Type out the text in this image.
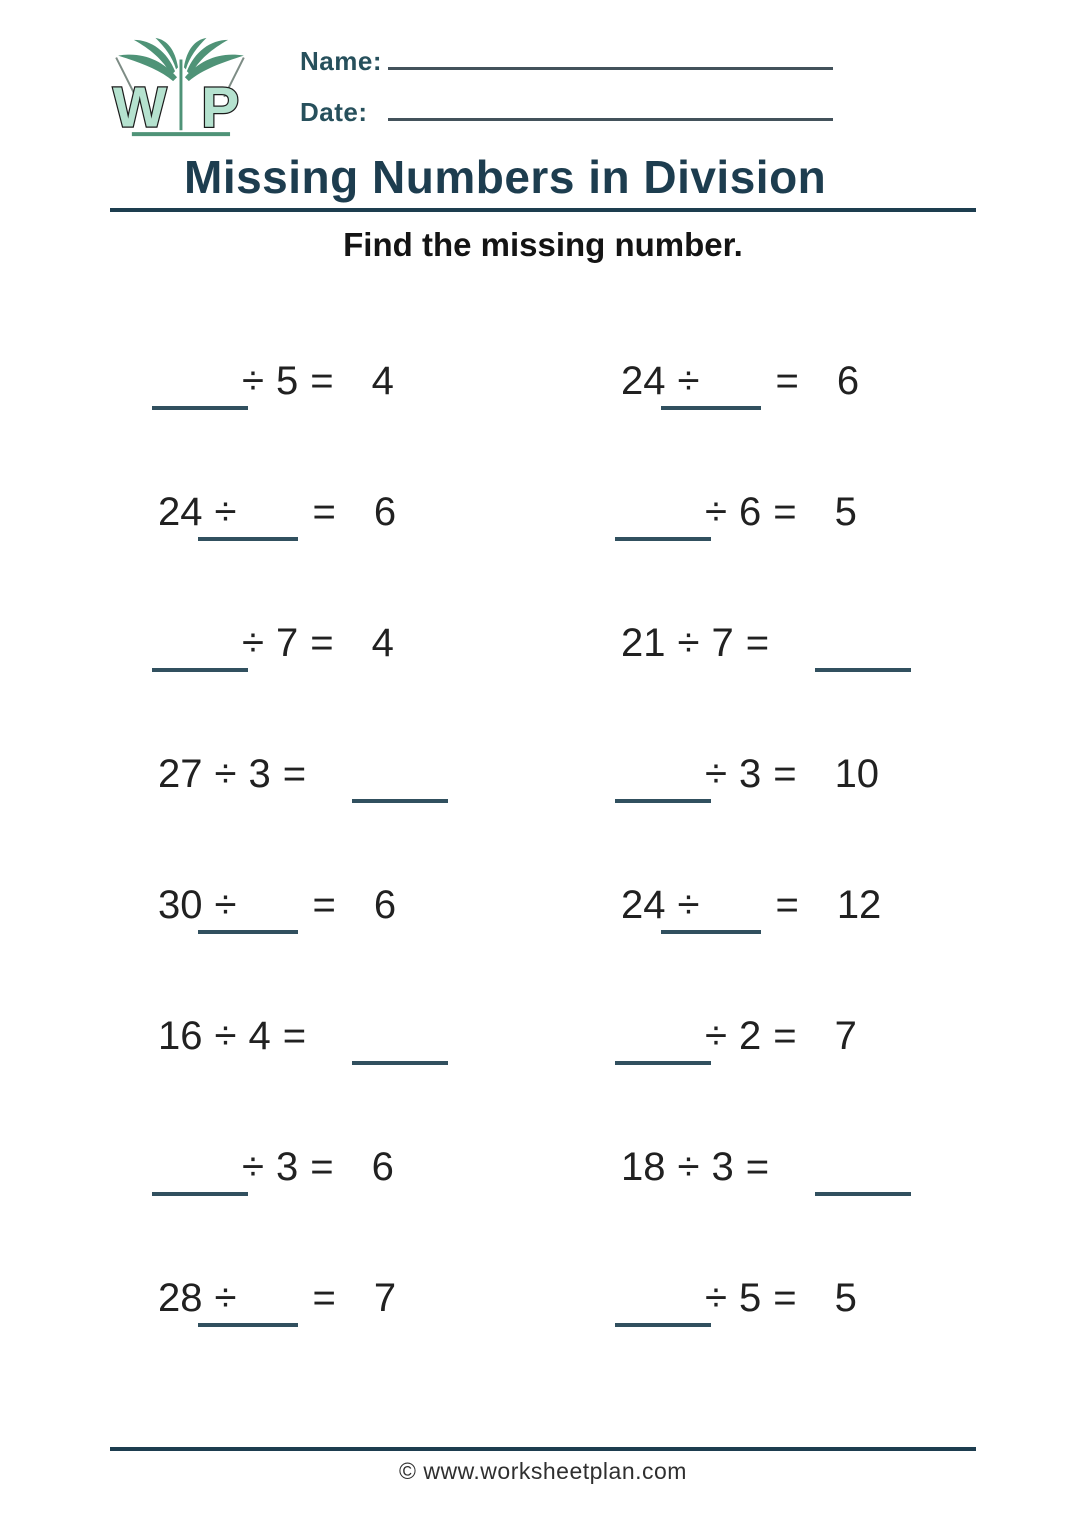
W P
Name:
Date:
Missing Numbers in Division
Find the missing number.
÷ 5 = 4	24 ÷ = 6
24 ÷ = 6	÷ 6 = 5
÷ 7 = 4	21 ÷ 7 =
27 ÷ 3 =	÷ 3 = 10
30 ÷ = 6	24 ÷ = 12
16 ÷ 4 =	÷ 2 = 7
÷ 3 = 6	18 ÷ 3 =
28 ÷ = 7	÷ 5 = 5
© www.worksheetplan.com
